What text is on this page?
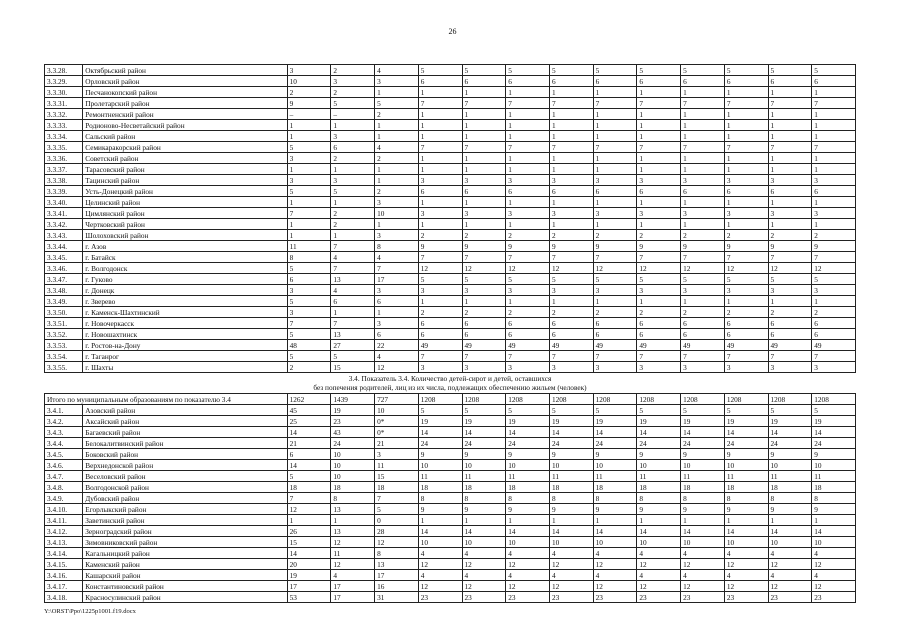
26
3.3.28.	Октябрьский район	3	2	4	5	5	5	5	5	5	5	5	5	5
3.3.29.	Орловский район	10	3	3	6	6	6	6	6	6	6	6	6	6
3.3.30.	Песчанокопский район	2	2	1	1	1	1	1	1	1	1	1	1	1
3.3.31.	Пролетарский район	9	5	5	7	7	7	7	7	7	7	7	7	7
3.3.32.	Ремонтненский район	–	–	2	1	1	1	1	1	1	1	1	1	1
3.3.33.	Родионово-Несветайский район	1	1	1	1	1	1	1	1	1	1	1	1	1
3.3.34.	Сальский район	1	3	1	1	1	1	1	1	1	1	1	1	1
3.3.35.	Семикаракорский район	5	6	4	7	7	7	7	7	7	7	7	7	7
3.3.36.	Советский район	3	2	2	1	1	1	1	1	1	1	1	1	1
3.3.37.	Тарасовский район	1	1	1	1	1	1	1	1	1	1	1	1	1
3.3.38.	Тацинский район	3	3	1	3	3	3	3	3	3	3	3	3	3
3.3.39.	Усть-Донецкий район	5	5	2	6	6	6	6	6	6	6	6	6	6
3.3.40.	Целинский район	1	1	3	1	1	1	1	1	1	1	1	1	1
3.3.41.	Цимлянский район	7	2	10	3	3	3	3	3	3	3	3	3	3
3.3.42.	Чертковский район	1	2	1	1	1	1	1	1	1	1	1	1	1
3.3.43.	Шолоховский район	1	1	3	2	2	2	2	2	2	2	2	2	2
3.3.44.	г. Азов	11	7	8	9	9	9	9	9	9	9	9	9	9
3.3.45.	г. Батайск	8	4	4	7	7	7	7	7	7	7	7	7	7
3.3.46.	г. Волгодонск	5	7	7	12	12	12	12	12	12	12	12	12	12
3.3.47.	г. Гуково	6	13	17	5	5	5	5	5	5	5	5	5	5
3.3.48.	г. Донецк	3	4	3	3	3	3	3	3	3	3	3	3	3
3.3.49.	г. Зверево	5	6	6	1	1	1	1	1	1	1	1	1	1
3.3.50.	г. Каменск-Шахтинский	3	1	1	2	2	2	2	2	2	2	2	2	2
3.3.51.	г. Новочеркасск	7	7	3	6	6	6	6	6	6	6	6	6	6
3.3.52.	г. Новошахтинск	5	13	6	6	6	6	6	6	6	6	6	6	6
3.3.53.	г. Ростов-на-Дону	48	27	22	49	49	49	49	49	49	49	49	49	49
3.3.54.	г. Таганрог	5	5	4	7	7	7	7	7	7	7	7	7	7
3.3.55.	г. Шахты	2	15	12	3	3	3	3	3	3	3	3	3	3

3.4. Показатель 3.4. Количество детей-сирот и детей, оставшихся
без попечения родителей, лиц из их числа, подлежащих обеспечению жильем (человек)														

Итого по муниципальным образованиям по показателю 3.4		1262	1439	727	1208	1208	1208	1208	1208	1208	1208	1208	1208	1208
3.4.1.	Азовский район	45	19	10	5	5	5	5	5	5	5	5	5	5
3.4.2.	Аксайский район	25	23	0*	19	19	19	19	19	19	19	19	19	19
3.4.3.	Багаевский район	14	43	0*	14	14	14	14	14	14	14	14	14	14
3.4.4.	Белокалитвинский район	21	24	21	24	24	24	24	24	24	24	24	24	24
3.4.5.	Боковский район	6	10	3	9	9	9	9	9	9	9	9	9	9
3.4.6.	Верхнедонской район	14	10	11	10	10	10	10	10	10	10	10	10	10
3.4.7.	Веселовский район	5	10	15	11	11	11	11	11	11	11	11	11	11
3.4.8.	Волгодонской район	18	18	18	18	18	18	18	18	18	18	18	18	18
3.4.9.	Дубовский район	7	8	7	8	8	8	8	8	8	8	8	8	8
3.4.10.	Егорлыкский район	12	13	5	9	9	9	9	9	9	9	9	9	9
3.4.11.	Заветинский район	1	1	0	1	1	1	1	1	1	1	1	1	1
3.4.12.	Зерноградский район	26	13	28	14	14	14	14	14	14	14	14	14	14
3.4.13.	Зимовниковский район	15	12	12	10	10	10	10	10	10	10	10	10	10
3.4.14.	Кагальницкий район	14	11	8	4	4	4	4	4	4	4	4	4	4
3.4.15.	Каменский район	20	12	13	12	12	12	12	12	12	12	12	12	12
3.4.16.	Кашарский район	19	4	17	4	4	4	4	4	4	4	4	4	4
3.4.17.	Константиновский район	17	17	16	12	12	12	12	12	12	12	12	12	12
3.4.18.	Красносулинский район	53	17	31	23	23	23	23	23	23	23	23	23	23
Y:\ORST\Ppo\1225p1001.f19.docx
